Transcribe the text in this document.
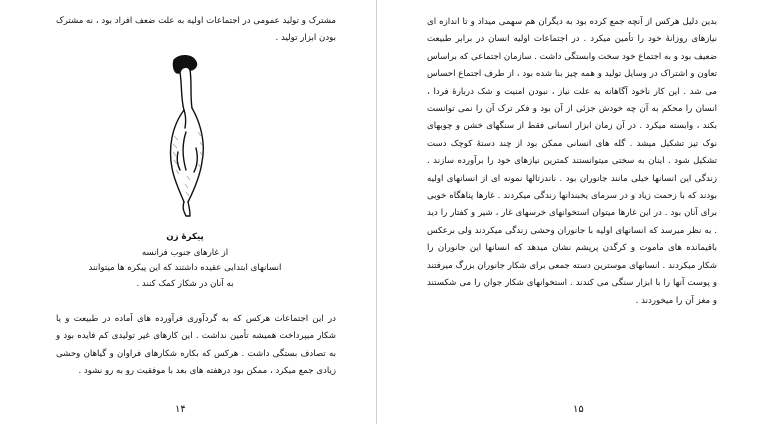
مشترک و تولید عمومی در اجتماعات اولیه به علت ضعف افراد بود ، نه مشترک بودن ابزار تولید .

پیکرۀ زن
از غارهای جنوب فرانسه
انسانهای ابتدایی عقیده داشتند که این پیکره ها میتوانند
به آنان در شکار کمک کنند .

در این اجتماعات هرکس که به گردآوری فرآورده های آماده در طبیعت و یا شکار میپرداخت همیشه تأمین نداشت . این کارهای غیر تولیدی کم فایده بود و به تصادف بستگی داشت . هرکس که بکاره شکارهای فراوان و گیاهان وحشی زیادی جمع میکرد ، ممکن بود درهفته های بعد با موفقیت رو به رو نشود .

۱۴

بدین دلیل هرکس از آنچه جمع کرده بود به دیگران هم سهمی میداد و تا اندازه ای نیازهای روزانهٔ خود را تأمین میکرد . در اجتماعات اولیه انسان در برابر طبیعت ضعیف بود و به اجتماع خود سخت وابستگی داشت . سازمان اجتماعی که براساس تعاون و اشتراک در وسایل تولید و همه چیز بنا شده بود ، از طرف اجتماع احساس می شد . این کار ناخود آگاهانه به علت نیاز ، نبودن امنیت و شک دربارهٔ فردا ، انسان را محکم به آن چه خودش جزئی از آن بود و فکر ترک آن را نمی توانست بکند ، وابسته میکرد . در آن زمان ابزار انسانی فقط از سنگهای خشن و چوبهای نوک تیز تشکیل میشد . گله های انسانی ممکن بود از چند دستهٔ کوچک دست تشکیل شود . اینان به سختی میتوانستند کمترین نیازهای خود را برآورده سازند . زندگی این انسانها خیلی مانند جانوران بود . ناندرتالها نمونه ای از انسانهای اولیه بودند که با زحمت زیاد و در سرمای یخبندانها زندگی میکردند . غارها پناهگاه خوبی برای آنان بود . در این غارها میتوان استخوانهای خرسهای غار ، شیر و کفتار را دید . به نظر میرسد که انسانهای اولیه با جانوران وحشی زندگی میکردند ولی برعکس باقیمانده های ماموت و کرگدن پرپشم نشان میدهد که انسانها این جانوران را شکار میکردند . انسانهای موسترین دسته جمعی برای شکار جانوران بزرگ میرفتند و پوست آنها را با ابزار سنگی می کندند . استخوانهای شکار جوان را می شکستند و مغز آن را میخوردند .

۱۵
